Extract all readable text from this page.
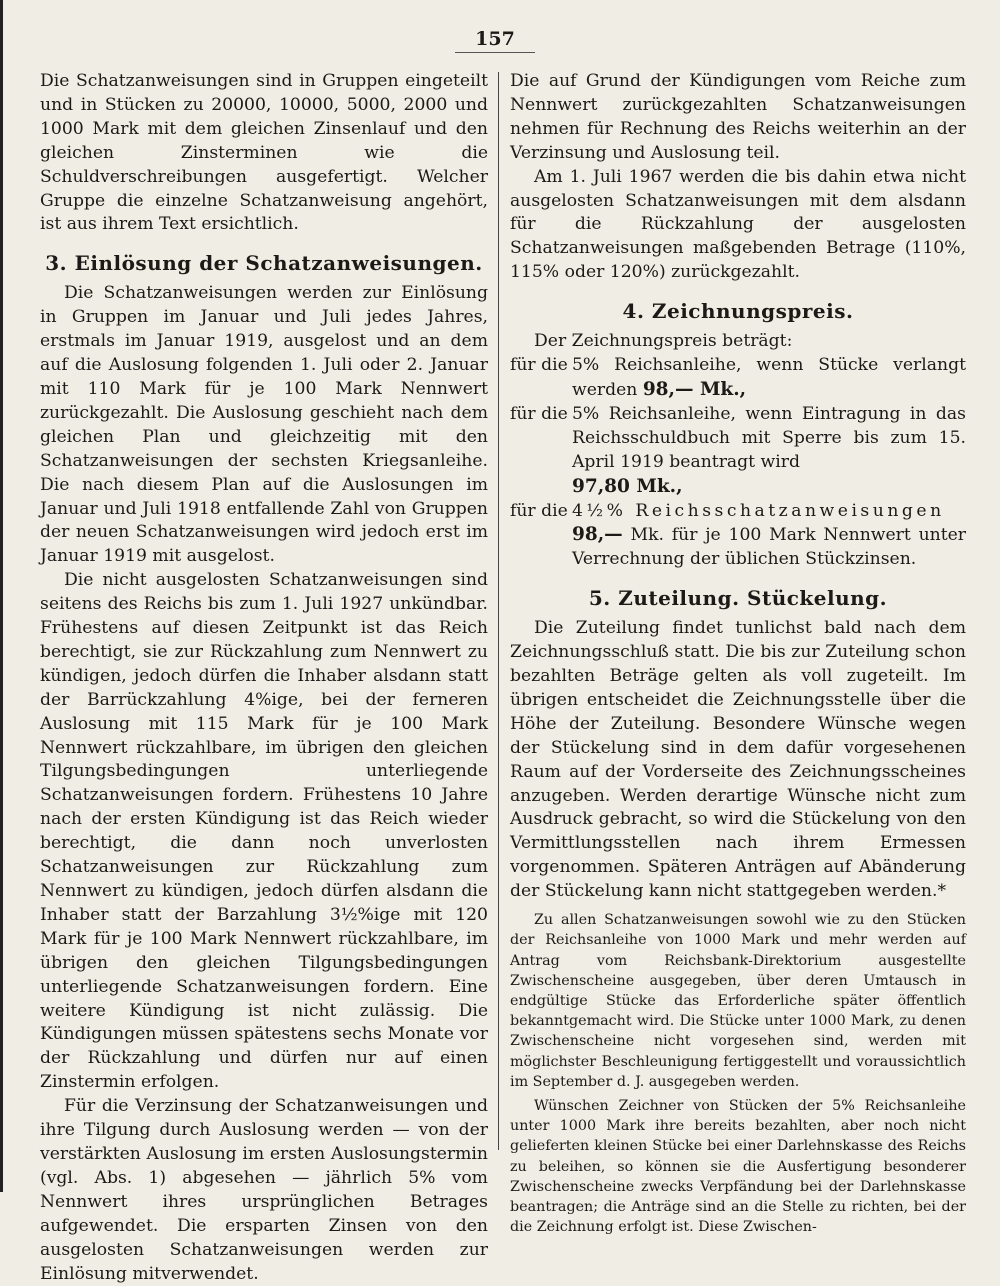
157

Die Schatzanweisungen sind in Gruppen eingeteilt und in Stücken zu 20000, 10000, 5000, 2000 und 1000 Mark mit dem gleichen Zinsenlauf und den gleichen Zinsterminen wie die Schuldverschreibungen ausgefertigt. Welcher Gruppe die einzelne Schatzanweisung angehört, ist aus ihrem Text ersichtlich.

3. Einlösung der Schatzanweisungen.

Die Schatzanweisungen werden zur Einlösung in Gruppen im Januar und Juli jedes Jahres, erstmals im Januar 1919, ausgelost und an dem auf die Auslosung folgenden 1. Juli oder 2. Januar mit 110 Mark für je 100 Mark Nennwert zurückgezahlt. Die Auslosung geschieht nach dem gleichen Plan und gleichzeitig mit den Schatzanweisungen der sechsten Kriegsanleihe. Die nach diesem Plan auf die Auslosungen im Januar und Juli 1918 entfallende Zahl von Gruppen der neuen Schatzanweisungen wird jedoch erst im Januar 1919 mit ausgelost.

Die nicht ausgelosten Schatzanweisungen sind seitens des Reichs bis zum 1. Juli 1927 unkündbar. Frühestens auf diesen Zeitpunkt ist das Reich berechtigt, sie zur Rückzahlung zum Nennwert zu kündigen, jedoch dürfen die Inhaber alsdann statt der Barrückzahlung 4%ige, bei der ferneren Auslosung mit 115 Mark für je 100 Mark Nennwert rückzahlbare, im übrigen den gleichen Tilgungsbedingungen unterliegende Schatzanweisungen fordern. Frühestens 10 Jahre nach der ersten Kündigung ist das Reich wieder berechtigt, die dann noch unverlosten Schatzanweisungen zur Rückzahlung zum Nennwert zu kündigen, jedoch dürfen alsdann die Inhaber statt der Barzahlung 3½%ige mit 120 Mark für je 100 Mark Nennwert rückzahlbare, im übrigen den gleichen Tilgungsbedingungen unterliegende Schatzanweisungen fordern. Eine weitere Kündigung ist nicht zulässig. Die Kündigungen müssen spätestens sechs Monate vor der Rückzahlung und dürfen nur auf einen Zinstermin erfolgen.

Für die Verzinsung der Schatzanweisungen und ihre Tilgung durch Auslosung werden — von der verstärkten Auslosung im ersten Auslosungstermin (vgl. Abs. 1) abgesehen — jährlich 5% vom Nennwert ihres ursprünglichen Betrages aufgewendet. Die ersparten Zinsen von den ausgelosten Schatzanweisungen werden zur Einlösung mitverwendet.

Die auf Grund der Kündigungen vom Reiche zum Nennwert zurückgezahlten Schatzanweisungen nehmen für Rechnung des Reichs weiterhin an der Verzinsung und Auslosung teil.

Am 1. Juli 1967 werden die bis dahin etwa nicht ausgelosten Schatzanweisungen mit dem alsdann für die Rückzahlung der ausgelosten Schatzanweisungen maßgebenden Betrage (110%, 115% oder 120%) zurückgezahlt.

4. Zeichnungspreis.

Der Zeichnungspreis beträgt:

für die 5% Reichsanleihe, wenn Stücke verlangt werden 98,— Mk.,
für die 5% Reichsanleihe, wenn Eintragung in das Reichsschuldbuch mit Sperre bis zum 15. April 1919 beantragt wird
97,80 Mk.,
für die 4½% Reichsschatzanweisungen
98,— Mk. für je 100 Mark Nennwert unter Verrechnung der üblichen Stückzinsen.
5. Zuteilung. Stückelung.

Die Zuteilung findet tunlichst bald nach dem Zeichnungsschluß statt. Die bis zur Zuteilung schon bezahlten Beträge gelten als voll zugeteilt. Im übrigen entscheidet die Zeichnungsstelle über die Höhe der Zuteilung. Besondere Wünsche wegen der Stückelung sind in dem dafür vorgesehenen Raum auf der Vorderseite des Zeichnungsscheines anzugeben. Werden derartige Wünsche nicht zum Ausdruck gebracht, so wird die Stückelung von den Vermittlungsstellen nach ihrem Ermessen vorgenommen. Späteren Anträgen auf Abänderung der Stückelung kann nicht stattgegeben werden.*

Zu allen Schatzanweisungen sowohl wie zu den Stücken der Reichsanleihe von 1000 Mark und mehr werden auf Antrag vom Reichsbank-Direktorium ausgestellte Zwischenscheine ausgegeben, über deren Umtausch in endgültige Stücke das Erforderliche später öffentlich bekanntgemacht wird. Die Stücke unter 1000 Mark, zu denen Zwischenscheine nicht vorgesehen sind, werden mit möglichster Beschleunigung fertiggestellt und voraussichtlich im September d. J. ausgegeben werden.

Wünschen Zeichner von Stücken der 5% Reichsanleihe unter 1000 Mark ihre bereits bezahlten, aber noch nicht gelieferten kleinen Stücke bei einer Darlehnskasse des Reichs zu beleihen, so können sie die Ausfertigung besonderer Zwischenscheine zwecks Verpfändung bei der Darlehnskasse beantragen; die Anträge sind an die Stelle zu richten, bei der die Zeichnung erfolgt ist. Diese Zwischen-
